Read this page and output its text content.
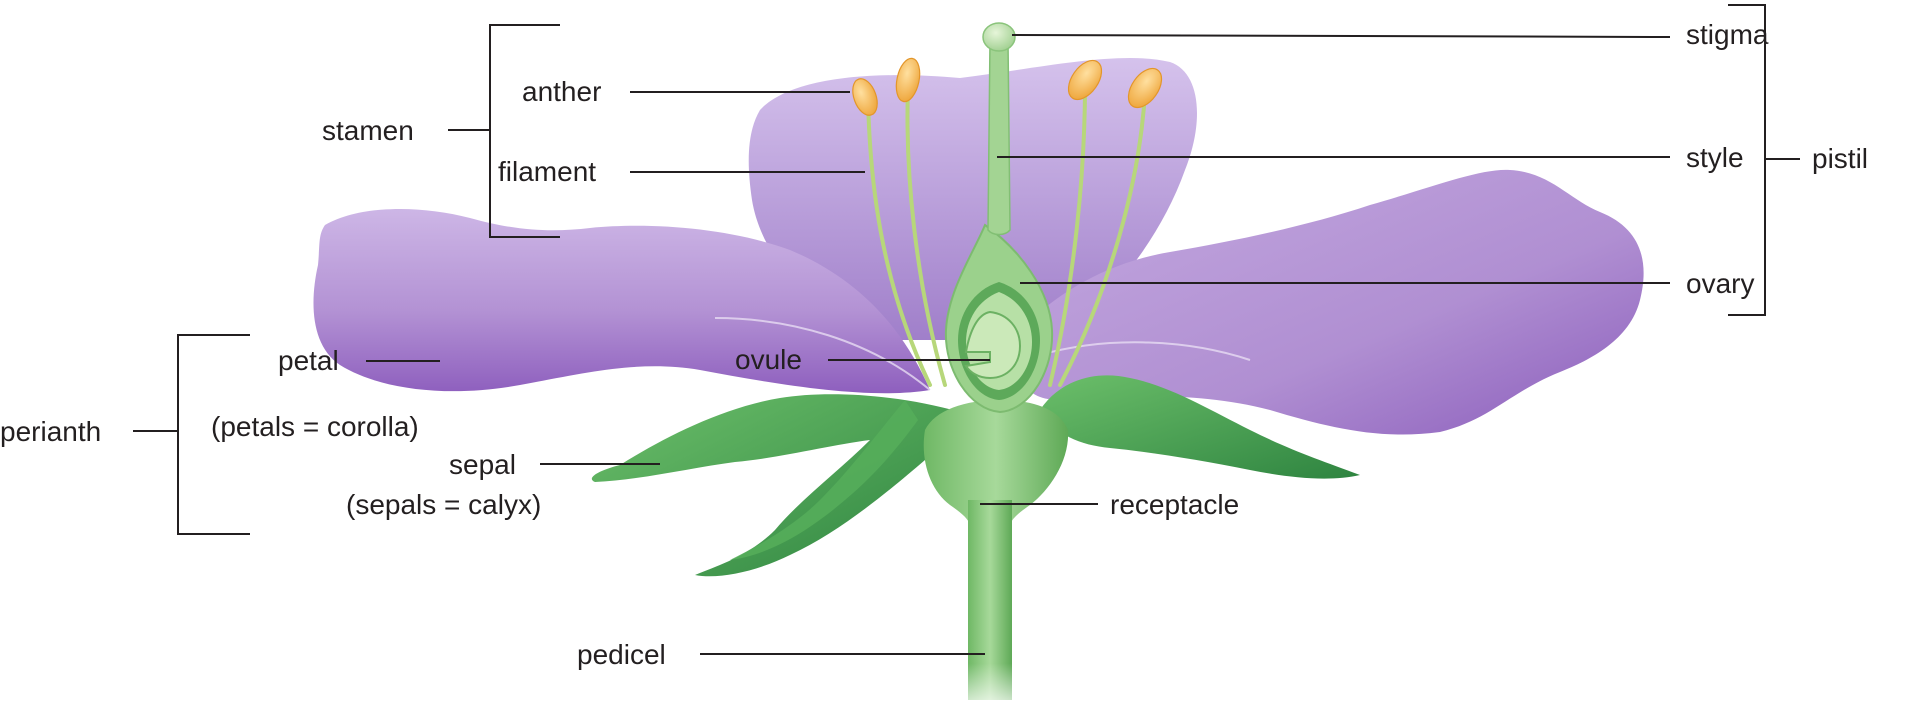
stamen
anther
filament
petal
(petals = corolla)
perianth
sepal
(sepals = calyx)
ovule
pedicel
stigma
style
ovary
pistil
receptacle
